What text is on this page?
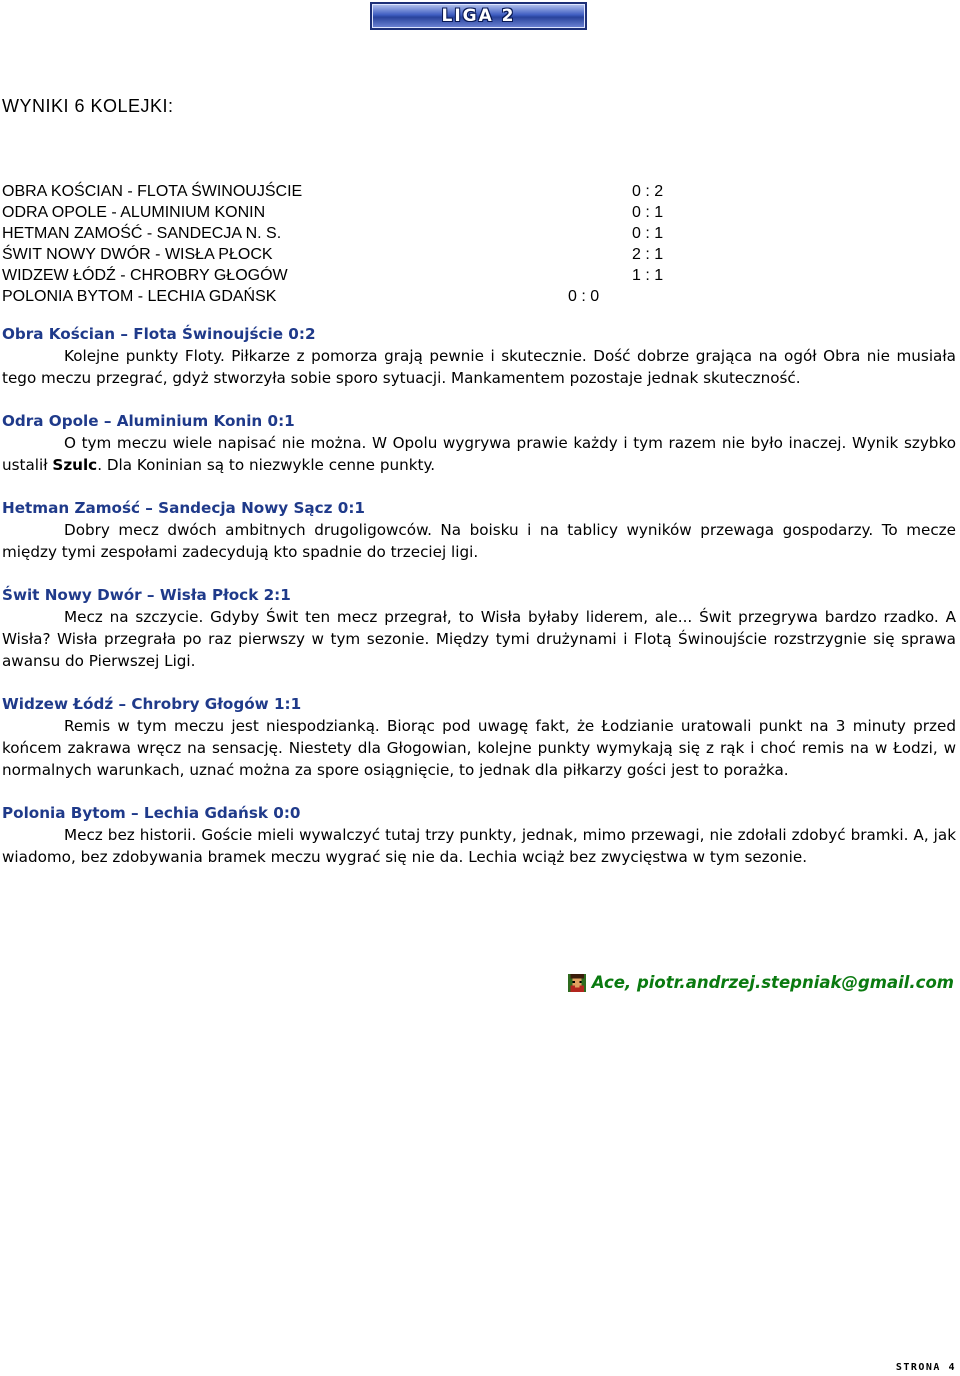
LIGA 2
WYNIKI 6 KOLEJKI:
OBRA KOŚCIAN - FLOTA ŚWINOUJŚCIE	0 : 2
ODRA OPOLE - ALUMINIUM KONIN	0 : 1
HETMAN ZAMOŚĆ - SANDECJA N. S.	0 : 1
ŚWIT NOWY DWÓR - WISŁA PŁOCK	2 : 1
WIDZEW ŁÓDŹ - CHROBRY GŁOGÓW	1 : 1
POLONIA BYTOM - LECHIA GDAŃSK	0 : 0
Obra Kościan – Flota Świnoujście 0:2

Kolejne punkty Floty. Piłkarze z pomorza grają pewnie i skutecznie. Dość dobrze grająca na ogół Obra nie musiała tego meczu przegrać, gdyż stworzyła sobie sporo sytuacji. Mankamentem pozostaje jednak skuteczność.

Odra Opole – Aluminium Konin 0:1

O tym meczu wiele napisać nie można. W Opolu wygrywa prawie każdy i tym razem nie było inaczej. Wynik szybko ustalił Szulc. Dla Koninian są to niezwykle cenne punkty.

Hetman Zamość – Sandecja Nowy Sącz 0:1

Dobry mecz dwóch ambitnych drugoligowców. Na boisku i na tablicy wyników przewaga gospodarzy. To mecze między tymi zespołami zadecydują kto spadnie do trzeciej ligi.

Świt Nowy Dwór – Wisła Płock 2:1

Mecz na szczycie. Gdyby Świt ten mecz przegrał, to Wisła byłaby liderem, ale... Świt przegrywa bardzo rzadko. A Wisła? Wisła przegrała po raz pierwszy w tym sezonie. Między tymi drużynami i Flotą Świnoujście rozstrzygnie się sprawa awansu do Pierwszej Ligi.

Widzew Łódź – Chrobry Głogów 1:1

Remis w tym meczu jest niespodzianką. Biorąc pod uwagę fakt, że Łodzianie uratowali punkt na 3 minuty przed końcem zakrawa wręcz na sensację. Niestety dla Głogowian, kolejne punkty wymykają się z rąk i choć remis na w Łodzi, w normalnych warunkach, uznać można za spore osiągnięcie, to jednak dla piłkarzy gości jest to porażka.

Polonia Bytom – Lechia Gdańsk 0:0

Mecz bez historii. Goście mieli wywalczyć tutaj trzy punkty, jednak, mimo przewagi, nie zdołali zdobyć bramki. A, jak wiadomo, bez zdobywania bramek meczu wygrać się nie da. Lechia wciąż bez zwycięstwa w tym sezonie.

Ace, piotr.andrzej.stepniak@gmail.com
STRONA 4
